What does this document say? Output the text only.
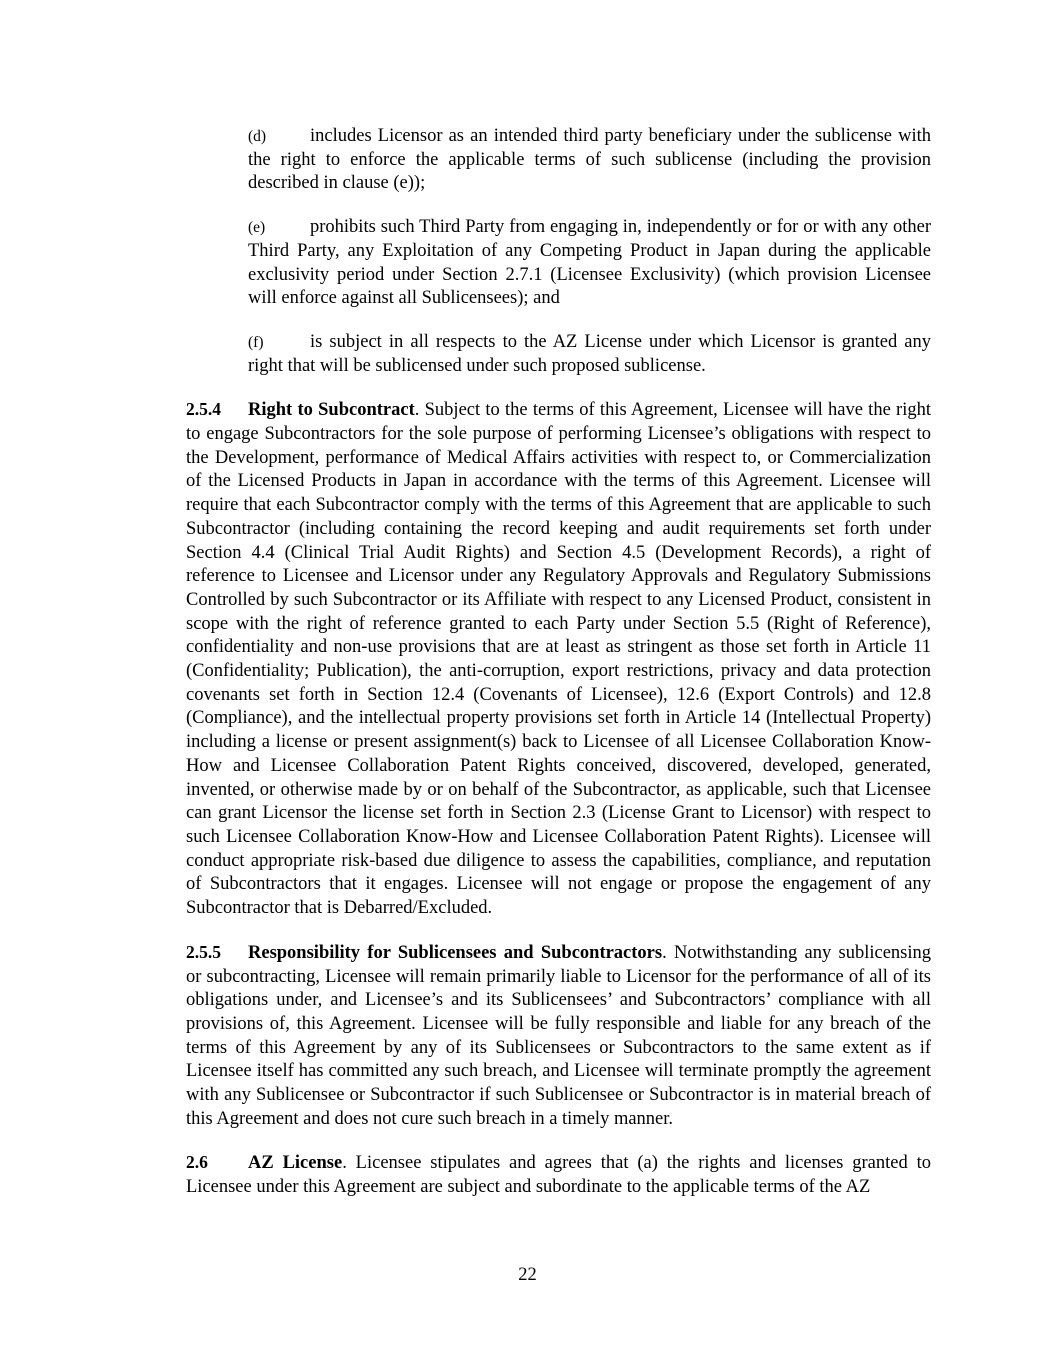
(d) includes Licensor as an intended third party beneficiary under the sublicense with the right to enforce the applicable terms of such sublicense (including the provision described in clause (e));

(e) prohibits such Third Party from engaging in, independently or for or with any other Third Party, any Exploitation of any Competing Product in Japan during the applicable exclusivity period under Section 2.7.1 (Licensee Exclusivity) (which provision Licensee will enforce against all Sublicensees); and

(f)	is subject in all respects to the AZ License under which Licensor is granted any right that will be sublicensed under such proposed sublicense.

2.5.4 Right to Subcontract. Subject to the terms of this Agreement, Licensee will have the right to engage Subcontractors for the sole purpose of performing Licensee’s obligations with respect to the Development, performance of Medical Affairs activities with respect to, or Commercialization of the Licensed Products in Japan in accordance with the terms of this Agreement. Licensee will require that each Subcontractor comply with the terms of this Agreement that are applicable to such Subcontractor (including containing the record keeping and audit requirements set forth under Section 4.4 (Clinical Trial Audit Rights) and Section 4.5 (Development Records), a right of reference to Licensee and Licensor under any Regulatory Approvals and Regulatory Submissions Controlled by such Subcontractor or its Affiliate with respect to any Licensed Product, consistent in scope with the right of reference granted to each Party under Section 5.5 (Right of Reference), confidentiality and non-use provisions that are at least as stringent as those set forth in Article 11 (Confidentiality; Publication), the anti-corruption, export restrictions, privacy and data protection covenants set forth in Section 12.4 (Covenants of Licensee), 12.6 (Export Controls) and 12.8 (Compliance), and the intellectual property provisions set forth in Article 14 (Intellectual Property) including a license or present assignment(s) back to Licensee of all Licensee Collaboration Know-How and Licensee Collaboration Patent Rights conceived, discovered, developed, generated, invented, or otherwise made by or on behalf of the Subcontractor, as applicable, such that Licensee can grant Licensor the license set forth in Section 2.3 (License Grant to Licensor) with respect to such Licensee Collaboration Know-How and Licensee Collaboration Patent Rights). Licensee will conduct appropriate risk-based due diligence to assess the capabilities, compliance, and reputation of Subcontractors that it engages. Licensee will not engage or propose the engagement of any Subcontractor that is Debarred/Excluded.

2.5.5 Responsibility for Sublicensees and Subcontractors. Notwithstanding any sublicensing or subcontracting, Licensee will remain primarily liable to Licensor for the performance of all of its obligations under, and Licensee’s and its Sublicensees’ and Subcontractors’ compliance with all provisions of, this Agreement. Licensee will be fully responsible and liable for any breach of the terms of this Agreement by any of its Sublicensees or Subcontractors to the same extent as if Licensee itself has committed any such breach, and Licensee will terminate promptly the agreement with any Sublicensee or Subcontractor if such Sublicensee or Subcontractor is in material breach of this Agreement and does not cure such breach in a timely manner.

2.6 AZ License. Licensee stipulates and agrees that (a) the rights and licenses granted to Licensee under this Agreement are subject and subordinate to the applicable terms of the AZ

22
